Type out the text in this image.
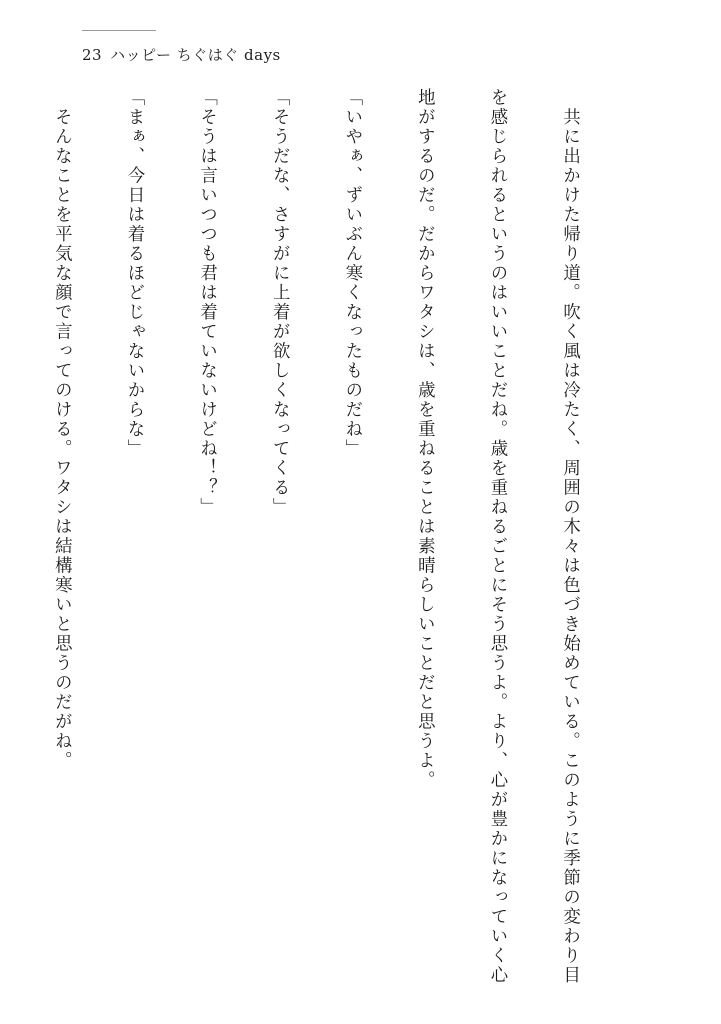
23 ハッピー ちぐはぐ days

　共に出かけた帰り道。吹く風は冷たく、周囲の木々は色づき始めている。このように季節の変わり目

を感じられるというのはいいことだね。歳を重ねるごとにそう思うよ。より、心が豊かになっていく心

地がするのだ。だからワタシは、歳を重ねることは素晴らしいことだと思うよ。

「いやぁ、ずいぶん寒くなったものだね」

「そうだな、さすがに上着が欲しくなってくる」

「そうは言いつつも君は着ていないけどね！？」

「まぁ、今日は着るほどじゃないからな」

　そんなことを平気な顔で言ってのける。ワタシは結構寒いと思うのだがね。
